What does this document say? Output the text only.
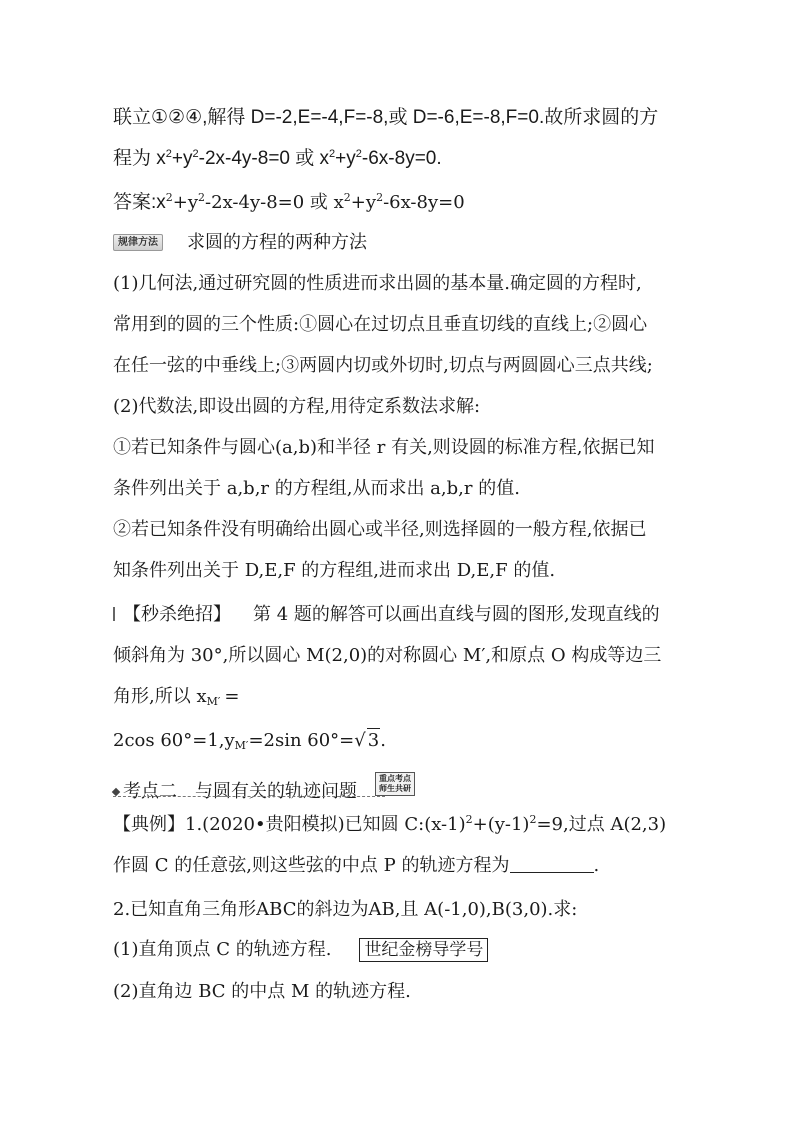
联立①②④,解得 D=-2,E=-4,F=-8,或 D=-6,E=-8,F=0.故所求圆的方
程为 $x^2+y^2-2x-4y-8=0$ 或 $x^2+y^2-6x-8y=0$.
答案$:x^2+y^2-2x-4y-8=0$ 或 $x^2+y^2-6x-8y=0$
规律方法 求圆的方程的两种方法
(1)几何法,通过研究圆的性质进而求出圆的基本量.确定圆的方程时,
常用到的圆的三个性质:①圆心在过切点且垂直切线的直线上;②圆心
在任一弦的中垂线上;③两圆内切或外切时,切点与两圆圆心三点共线;
(2)代数法,即设出圆的方程,用待定系数法求解:
①若已知条件与圆心(a,b)和半径 r 有关,则设圆的标准方程,依据已知
条件列出关于 a,b,r 的方程组,从而求出 a,b,r 的值.
②若已知条件没有明确给出圆心或半径,则选择圆的一般方程,依据已
知条件列出关于 D,E,F 的方程组,进而求出 D,E,F 的值.
【秒杀绝招】 第 4 题的解答可以画出直线与圆的图形,发现直线的
倾斜角为 30°,所以圆心 M(2,0)的对称圆心 M′,和原点 O 构成等边三
角形,所以 $x_{M'}$ =
2cos $60^\circ=1,y_{M'}=2\sin$ 60°=√ 3.
考点二　与圆有关的轨迹问题重点考点
师生共研
【典例】1.(2020•贵阳模拟)已知圆 $C:(x-1)^2+(y-1)^2=9$,过点 A(2,3)
作圆 C 的任意弦,则这些弦的中点 P 的轨迹方程为	.
2.已知直角三角形ABC的斜边为AB,且 A(-1,0),B(3,0).求:
(1)直角顶点 C 的轨迹方程. 世纪金榜导学号
(2)直角边 BC 的中点 M 的轨迹方程.
